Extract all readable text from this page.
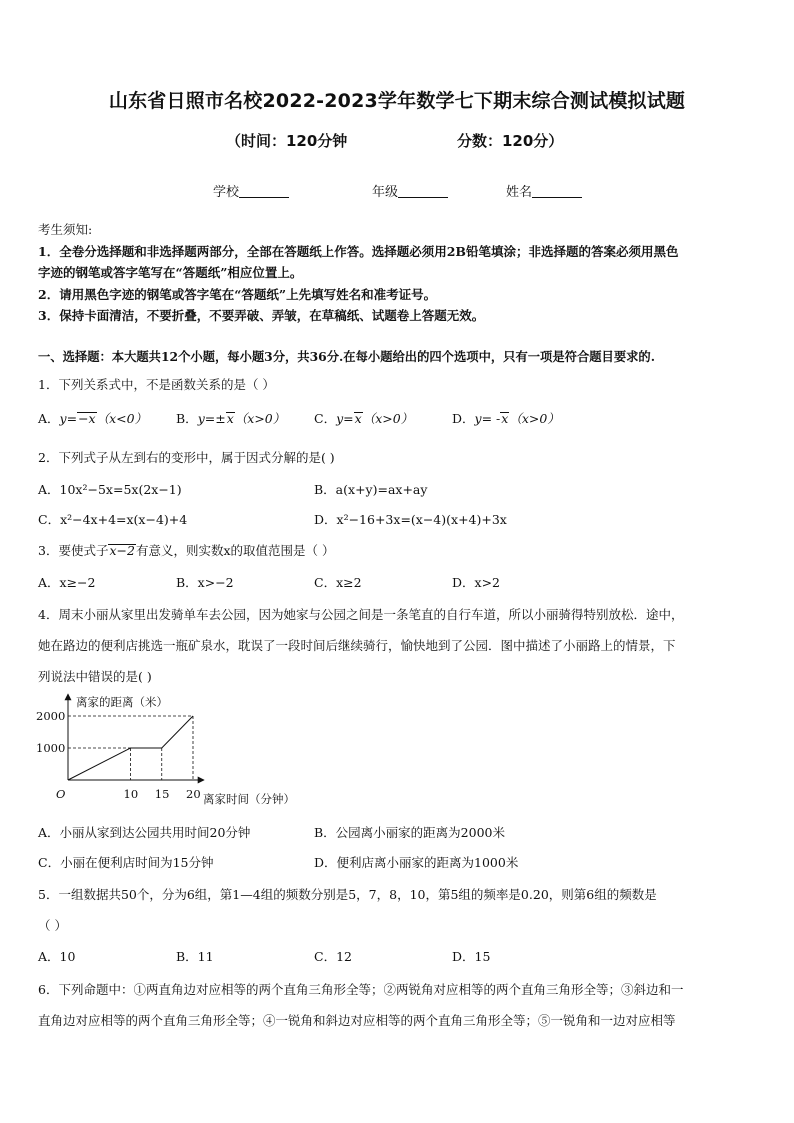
山东省日照市名校2022-2023学年数学七下期末综合测试模拟试题
（时间：120分钟	分数：120分）
学校	年级	姓名
考生须知:
1．全卷分选择题和非选择题两部分，全部在答题纸上作答。选择题必须用2B铅笔填涂；非选择题的答案必须用黑色
字迹的钢笔或答字笔写在“答题纸”相应位置上。
2．请用黑色字迹的钢笔或答字笔在“答题纸”上先填写姓名和准考证号。
3．保持卡面清洁，不要折叠，不要弄破、弄皱，在草稿纸、试题卷上答题无效。
一、选择题：本大题共12个小题，每小题3分，共36分.在每小题给出的四个选项中，只有一项是符合题目要求的.
1．下列关系式中，不是函数关系的是（ ）
A．y=−x（x<0） B．y=±x（x>0） C．y=x（x>0）	D．y= -x（x>0）
2．下列式子从左到右的变形中，属于因式分解的是( )
A．10x²−5x=5x(2x−1)	B．a(x+y)=ax+ay
C．x²−4x+4=x(x−4)+4	D．x²−16+3x=(x−4)(x+4)+3x
3．要使式子x−2有意义，则实数x的取值范围是（ ）
A．x≥−2	B．x>−2	C．x≥2	D．x>2
4．周末小丽从家里出发骑单车去公园，因为她家与公园之间是一条笔直的自行车道，所以小丽骑得特别放松．途中，
她在路边的便利店挑选一瓶矿泉水，耽误了一段时间后继续骑行，愉快地到了公园．图中描述了小丽路上的情景，下
列说法中错误的是( )
离家的距离（米）
离家时间（分钟）
O	10 15 20
1000
2000
A．小丽从家到达公园共用时间20分钟	B．公园离小丽家的距离为2000米
C．小丽在便利店时间为15分钟	D．便利店离小丽家的距离为1000米
5．一组数据共50个，分为6组，第1—4组的频数分别是5，7，8，10，第5组的频率是0.20，则第6组的频数是
（ ）
A．10	B．11	C．12	D．15
6．下列命题中：①两直角边对应相等的两个直角三角形全等；②两锐角对应相等的两个直角三角形全等；③斜边和一
直角边对应相等的两个直角三角形全等；④一锐角和斜边对应相等的两个直角三角形全等；⑤一锐角和一边对应相等
